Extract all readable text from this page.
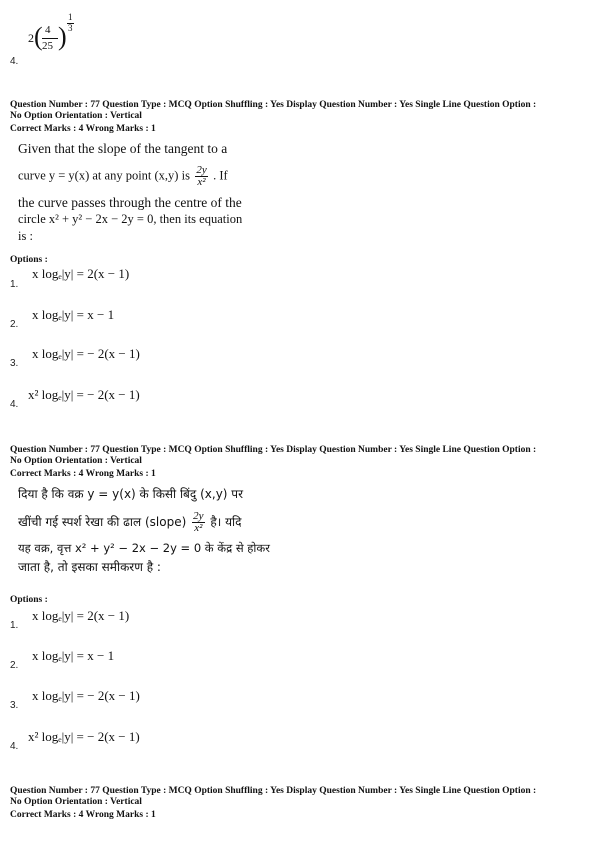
2 ( 4
25 )
1
3
4.
Question Number : 77 Question Type : MCQ Option Shuffling : Yes Display Question Number : Yes Single Line Question Option :
No Option Orientation : Vertical
Correct Marks : 4 Wrong Marks : 1
Given that the slope of the tangent to a
curve y = y(x) at any point (x,y) is $\frac{2y}{\text{x²}}$ . If
the curve passes through the centre of the
circle x² + y² − 2x − 2y = 0, then its equation
is :
Options :
1.
x logₑ|y| = 2(x − 1)
2.
x logₑ|y| = x − 1
3.
x logₑ|y| = − 2(x − 1)
4.
x² logₑ|y| = − 2(x − 1)
Question Number : 77 Question Type : MCQ Option Shuffling : Yes Display Question Number : Yes Single Line Question Option :
No Option Orientation : Vertical
Correct Marks : 4 Wrong Marks : 1
दिया है कि वक्र y = y(x) के किसी बिंदु (x,y) पर
खींची गई स्पर्श रेखा की ढाल (slope) $\frac{2y}{\text{x²}}$ है। यदि
यह वक्र, वृत्त x² + y² − 2x − 2y = 0 के केंद्र से होकर
जाता है, तो इसका समीकरण है :
Options :
1.
x logₑ|y| = 2(x − 1)
2.
x logₑ|y| = x − 1
3.
x logₑ|y| = − 2(x − 1)
4.
x² logₑ|y| = − 2(x − 1)
Question Number : 77 Question Type : MCQ Option Shuffling : Yes Display Question Number : Yes Single Line Question Option :
No Option Orientation : Vertical
Correct Marks : 4 Wrong Marks : 1
